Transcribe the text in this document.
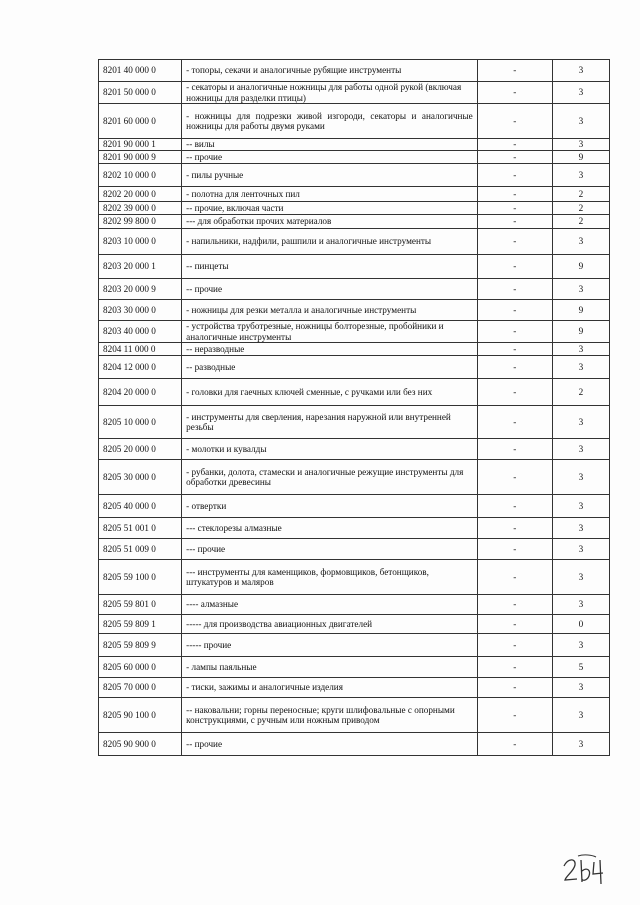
8201 40 000 0	- топоры, секачи и аналогичные рубящие инструменты	-	3
8201 50 000 0	- секаторы и аналогичные ножницы для работы одной рукой (включая ножницы для разделки птицы)	-	3
8201 60 000 0	- ножницы для подрезки живой изгороди, секаторы и аналогичные ножницы для работы двумя руками	-	3
8201 90 000 1	-- вилы	-	3
8201 90 000 9	-- прочие	-	9
8202 10 000 0	- пилы ручные	-	3
8202 20 000 0	- полотна для ленточных пил	-	2
8202 39 000 0	-- прочие, включая части	-	2
8202 99 800 0	--- для обработки прочих материалов	-	2
8203 10 000 0	- напильники, надфили, рашпили и аналогичные инструменты	-	3
8203 20 000 1	-- пинцеты	-	9
8203 20 000 9	-- прочие	-	3
8203 30 000 0	- ножницы для резки металла и аналогичные инструменты	-	9
8203 40 000 0	- устройства труботрезные, ножницы болторезные, пробойники и аналогичные инструменты	-	9
8204 11 000 0	-- неразводные	-	3
8204 12 000 0	-- разводные	-	3
8204 20 000 0	- головки для гаечных ключей сменные, с ручками или без них	-	2
8205 10 000 0	- инструменты для сверления, нарезания наружной или внутренней резьбы	-	3
8205 20 000 0	- молотки и кувалды	-	3
8205 30 000 0	- рубанки, долота, стамески и аналогичные режущие инструменты для обработки древесины	-	3
8205 40 000 0	- отвертки	-	3
8205 51 001 0	--- стеклорезы алмазные	-	3
8205 51 009 0	--- прочие	-	3
8205 59 100 0	--- инструменты для каменщиков, формовщиков, бетонщиков, штукатуров и маляров	-	3
8205 59 801 0	---- алмазные	-	3
8205 59 809 1	----- для производства авиационных двигателей	-	0
8205 59 809 9	----- прочие	-	3
8205 60 000 0	- лампы паяльные	-	5
8205 70 000 0	- тиски, зажимы и аналогичные изделия	-	3
8205 90 100 0	-- наковальни; горны переносные; круги шлифовальные с опорными конструкциями, с ручным или ножным приводом	-	3
8205 90 900 0	-- прочие	-	3
